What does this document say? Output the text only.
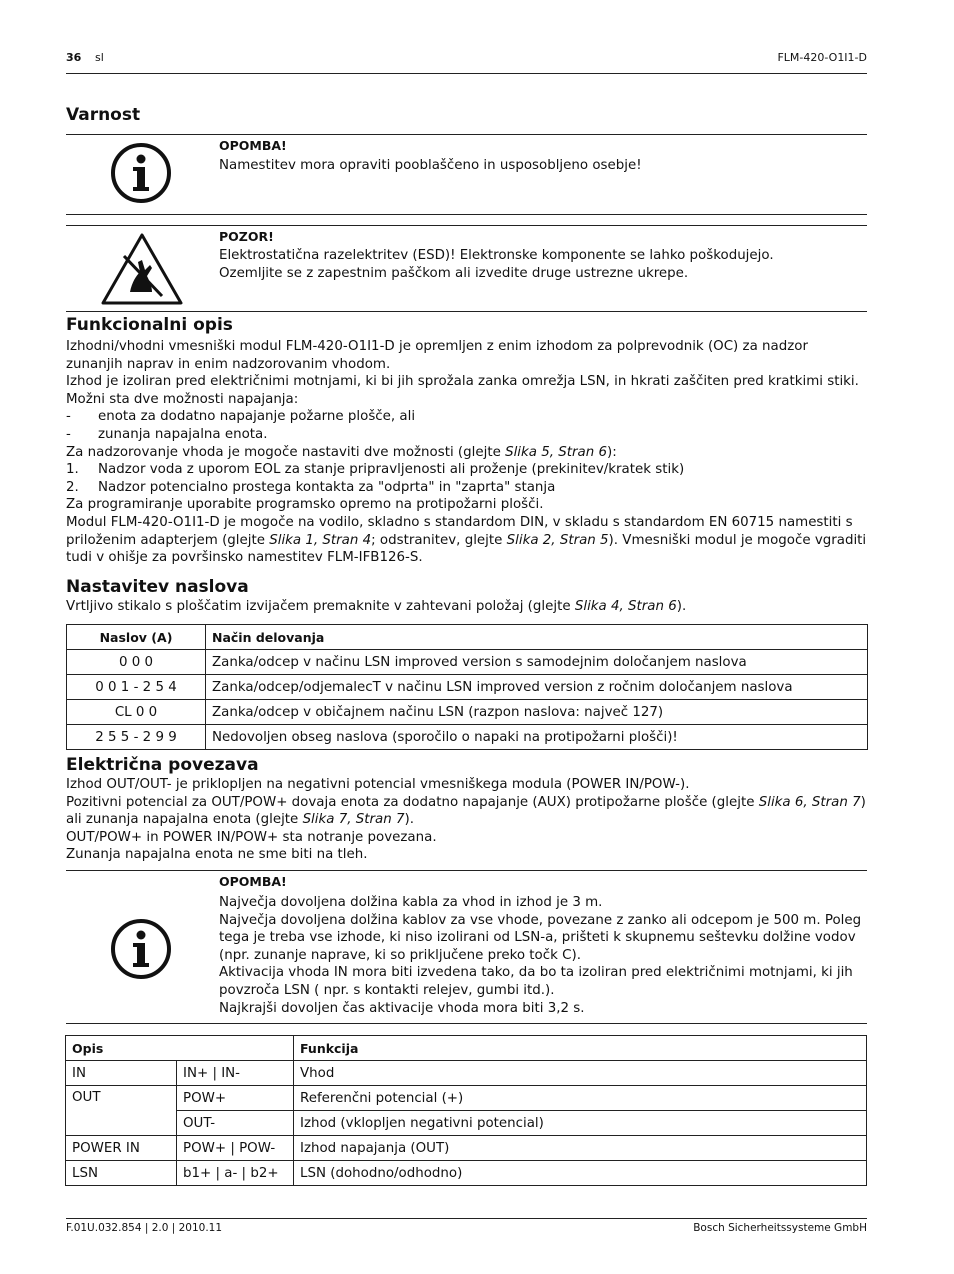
36 sl	FLM-420-O1I1-D
Varnost
OPOMBA!
Namestitev mora opraviti pooblaščeno in usposobljeno osebje!
POZOR!

Elektrostatična razelektritev (ESD)! Elektronske komponente se lahko poškodujejo.

Ozemljite se z zapestnim paščkom ali izvedite druge ustrezne ukrepe.

Funkcionalni opis

Izhodni/vhodni vmesniški modul FLM-420-O1I1-D je opremljen z enim izhodom za polprevodnik (OC) za nadzor zunanjih naprav in enim nadzorovanim vhodom.

Izhod je izoliran pred električnimi motnjami, ki bi jih sprožala zanka omrežja LSN, in hkrati zaščiten pred kratkimi stiki. Možni sta dve možnosti napajanja:

- enota za dodatno napajanje požarne plošče, ali
- zunanja napajalna enota.

Za nadzorovanje vhoda je mogoče nastaviti dve možnosti (glejte Slika 5, Stran 6):

1. Nadzor voda z uporom EOL za stanje pripravljenosti ali proženje (prekinitev/kratek stik)
2. Nadzor potencialno prostega kontakta za "odprta" in "zaprta" stanja

Za programiranje uporabite programsko opremo na protipožarni plošči.

Modul FLM-420-O1I1-D je mogoče na vodilo, skladno s standardom DIN, v skladu s standardom EN 60715 namestiti s priloženim adapterjem (glejte Slika 1, Stran 4; odstranitev, glejte Slika 2, Stran 5). Vmesniški modul je mogoče vgraditi tudi v ohišje za površinsko namestitev FLM-IFB126-S.

Nastavitev naslova

Vrtljivo stikalo s ploščatim izvijačem premaknite v zahtevani položaj (glejte Slika 4, Stran 6).

Naslov (A)	Način delovanja
0 0 0	Zanka/odcep v načinu LSN improved version s samodejnim določanjem naslova
0 0 1 - 2 5 4	Zanka/odcep/odjemalecT v načinu LSN improved version z ročnim določanjem naslova
CL 0 0	Zanka/odcep v običajnem načinu LSN (razpon naslova: največ 127)
2 5 5 - 2 9 9	Nedovoljen obseg naslova (sporočilo o napaki na protipožarni plošči)!
Električna povezava

Izhod OUT/OUT- je priklopljen na negativni potencial vmesniškega modula (POWER IN/POW-).

Pozitivni potencial za OUT/POW+ dovaja enota za dodatno napajanje (AUX) protipožarne plošče (glejte Slika 6, Stran 7) ali zunanja napajalna enota (glejte Slika 7, Stran 7).

OUT/POW+ in POWER IN/POW+ sta notranje povezana.

Zunanja napajalna enota ne sme biti na tleh.

OPOMBA!

Največja dovoljena dolžina kabla za vhod in izhod je 3 m.

Največja dovoljena dolžina kablov za vse vhode, povezane z zanko ali odcepom je 500 m. Poleg tega je treba vse izhode, ki niso izolirani od LSN-a, prišteti k skupnemu seštevku dolžine vodov (npr. zunanje naprave, ki so priključene preko točk C).

Aktivacija vhoda IN mora biti izvedena tako, da bo ta izoliran pred električnimi motnjami, ki jih povzroča LSN ( npr. s kontakti relejev, gumbi itd.).

Najkrajši dovoljen čas aktivacije vhoda mora biti 3,2 s.

Opis		Funkcija
IN	IN+ | IN-	Vhod
OUT	POW+	Referenčni potencial (+)
	OUT-	Izhod (vklopljen negativni potencial)
POWER IN	POW+ | POW-	Izhod napajanja (OUT)
LSN	b1+ | a- | b2+	LSN (dohodno/odhodno)
F.01U.032.854 | 2.0 | 2010.11	Bosch Sicherheitssysteme GmbH
